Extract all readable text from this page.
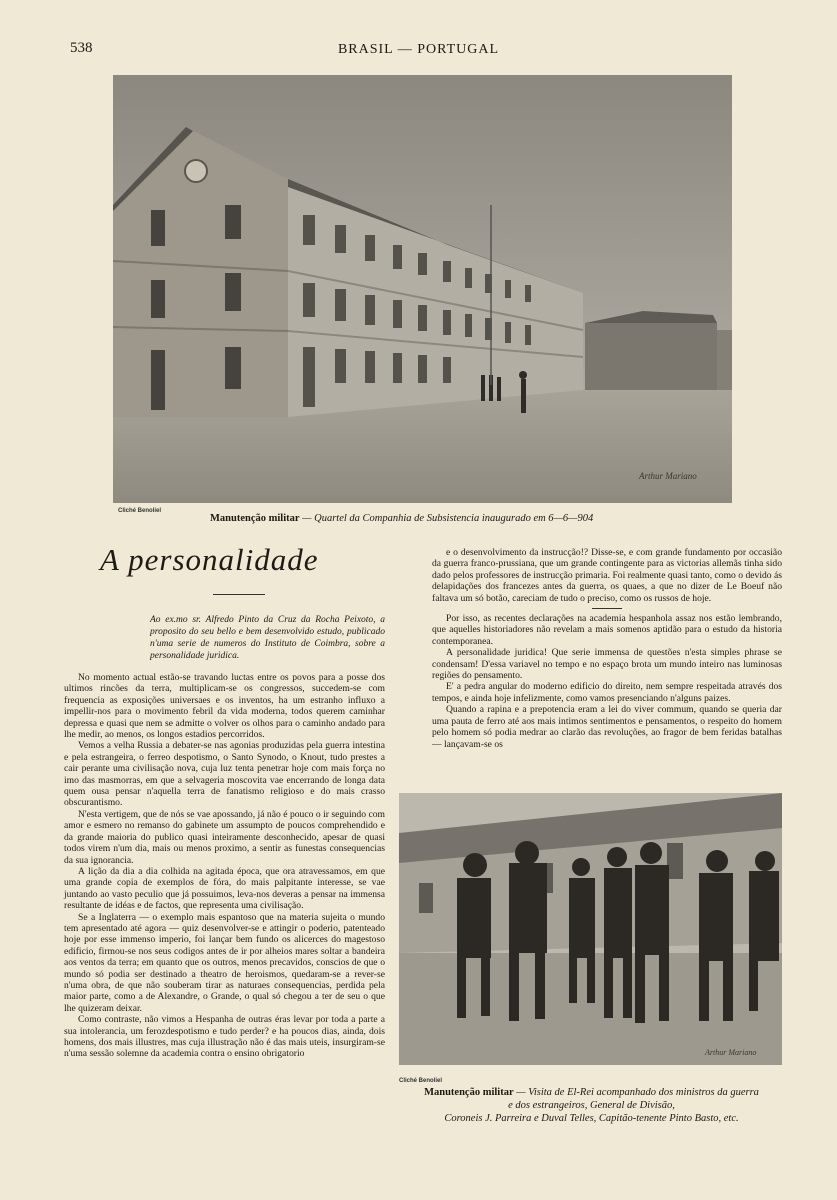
538	BRASIL — PORTUGAL
Arthur Mariano
Cliché Benoliel
Manutenção militar — Quartel da Companhia de Subsistencia inaugurado em 6—6—904
A personalidade
Ao ex.mo sr. Alfredo Pinto da Cruz da Rocha Peixoto, a proposito do seu bello e bem desenvolvido estudo, publicado n'uma serie de numeros do Instituto de Coimbra, sobre a personalidade juridica.

No momento actual estão-se travando luctas entre os povos para a posse dos ultimos rincões da terra, multiplicam-se os congressos, succedem-se com frequencia as exposições universaes e os inventos, ha um estranho influxo a impellir-nos para o movimento febril da vida moderna, todos querem caminhar depressa e quasi que nem se admitte o volver os olhos para o caminho andado para lhe medir, ao menos, os longos estadios percorridos.

Vemos a velha Russia a debater-se nas agonias produzidas pela guerra intestina e pela estrangeira, o ferreo despotismo, o Santo Synodo, o Knout, tudo prestes a cair perante uma civilisação nova, cuja luz tenta penetrar hoje com mais força no imo das masmorras, em que a selvageria moscovita vae encerrando de longa data quem ousa pensar n'aquella terra de fanatismo religioso e do mais crasso obscurantismo.

N'esta vertigem, que de nós se vae apossando, já não é pouco o ir seguindo com amor e esmero no remanso do gabinete um assumpto de poucos comprehendido e da grande maioria do publico quasi inteiramente desconhecido, apesar de quasi todos virem n'um dia, mais ou menos proximo, a sentir as funestas consequencias da sua ignorancia.

A lição da dia a dia colhida na agitada época, que ora atravessamos, em que uma grande copia de exemplos de fóra, do mais palpitante interesse, se vae juntando ao vasto peculio que já possuimos, leva-nos deveras a pensar na immensa resultante de idéas e de factos, que representa uma civilisação.

Se a Inglaterra — o exemplo mais espantoso que na materia sujeita o mundo tem apresentado até agora — quiz desenvolver-se e attingir o poderio, patenteado hoje por esse immenso imperio, foi lançar bem fundo os alicerces do magestoso edificio, firmou-se nos seus codigos antes de ir por alheios mares soltar a bandeira aos ventos da terra; em quanto que os outros, menos precavidos, conscios de que o mundo só podia ser destinado a theatro de heroismos, quedaram-se a rever-se n'uma obra, de que não souberam tirar as naturaes consequencias, perdida pela maior parte, como a de Alexandre, o Grande, o qual só chegou a ter de seu o que lhe quizeram deixar.

Como contraste, não vimos a Hespanha de outras éras levar por toda a parte a sua intolerancia, um ferozdespotismo e tudo perder? e ha poucos dias, ainda, dois homens, dos mais illustres, mas cuja illustração não é das mais uteis, insurgiram-se n'uma sessão solemne da academia contra o ensino obrigatorio

e o desenvolvimento da instrucção!? Disse-se, e com grande fundamento por occasião da guerra franco-prussiana, que um grande contingente para as victorias allemãs tinha sido dado pelos professores de instrucção primaria. Foi realmente quasi tanto, como o devido ás delapidações dos francezes antes da guerra, os quaes, a que no dizer de Le Boeuf não faltava um só botão, careciam de tudo o preciso, como os russos de hoje.

Por isso, as recentes declarações na academia hespanhola assaz nos estão lembrando, que aquelles historiadores não revelam a mais somenos aptidão para o estudo da historia contemporanea.

A personalidade juridica! Que serie immensa de questões n'esta simples phrase se condensam! D'essa variavel no tempo e no espaço brota um mundo inteiro nas luminosas regiões do pensamento.

E' a pedra angular do moderno edificio do direito, nem sempre respeitada através dos tempos, e ainda hoje infelizmente, como vamos presenciando n'alguns paizes.

Quando a rapina e a prepotencia eram a lei do viver commum, quando se queria dar uma pauta de ferro até aos mais intimos sentimentos e pensamentos, o respeito do homem pelo homem só podia medrar ao clarão das revoluções, ao fragor de bem feridas batalhas — lançavam-se os

Arthur Mariano
Cliché Benoliel
Manutenção militar — Visita de El-Rei acompanhado dos ministros da guerra
e dos estrangeiros, General de Divisão,
Coroneis J. Parreira e Duval Telles, Capitão-tenente Pinto Basto, etc.
